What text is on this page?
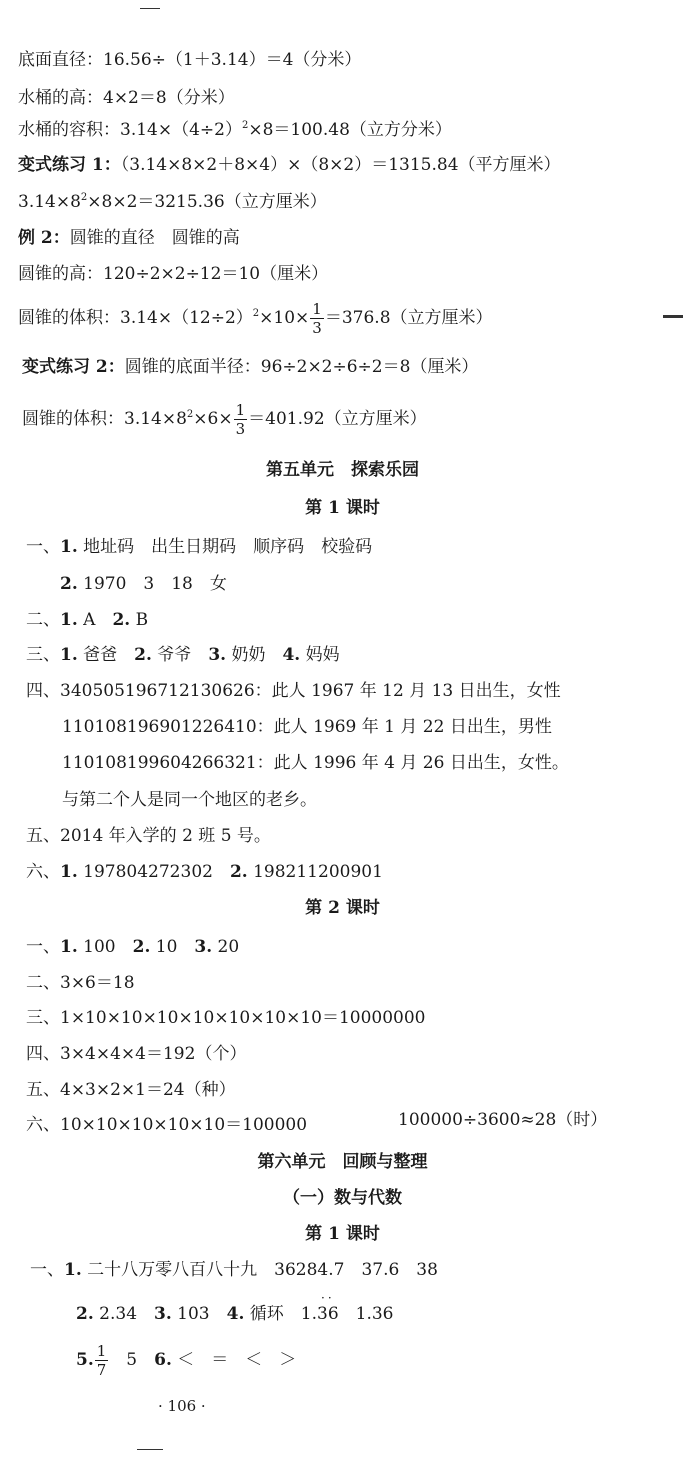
底面直径：16.56÷（1＋3.14）＝4（分米）
水桶的高：4×2＝8（分米）
水桶的容积：$3.14\times(4\div 2)^2\times 8=100.48$（立方分米）
变式练习 1：（3.14×8×2＋8×4）×（8×2）＝1315.84（平方厘米）
$3.14\times 8^2\times 8\times 2=3215.36$（立方厘米）
例 2：圆锥的直径　圆锥的高
圆锥的高：120÷2×2÷12＝10（厘米）
圆锥的体积：$3.14\times(12\div 2)^2\times 10\times \frac{1}{3} =376.8$（立方厘米）
变式练习 2：圆锥的底面半径：96÷2×2÷6÷2＝8（厘米）
圆锥的体积：$3.14\times 8^2\times 6\times \frac{1}{3} =401.92$（立方厘米）
第五单元　探索乐园
第 1 课时
一、1. 地址码　出生日期码　顺序码　校验码
2. 1970　3　18　女
二、1. A　2. B
三、1. 爸爸　2. 爷爷　3. 奶奶　4. 妈妈
四、340505196712130626：此人 1967 年 12 月 13 日出生，女性
110108196901226410：此人 1969 年 1 月 22 日出生，男性
110108199604266321：此人 1996 年 4 月 26 日出生，女性。
与第二个人是同一个地区的老乡。
五、2014 年入学的 2 班 5 号。
六、1. 197804272302　2. 198211200901
第 2 课时
一、1. 100　2. 10　3. 20
二、3×6＝18
三、1×10×10×10×10×10×10×10＝10000000
四、3×4×4×4＝192（个）
五、4×3×2×1＝24（种）
六、10×10×10×10×10＝100000	100000÷3600≈28（时）
第六单元　回顾与整理
（一）数与代数
第 1 课时
一、1. 二十八万零八百八十九　36284.7　37.6　38
2. 2.34　3. 103　4. 循环　1.
··
36　1.36
5. $\frac{1}{7}$
　 5　6. ＜　＝　＜　＞
· 106 ·
